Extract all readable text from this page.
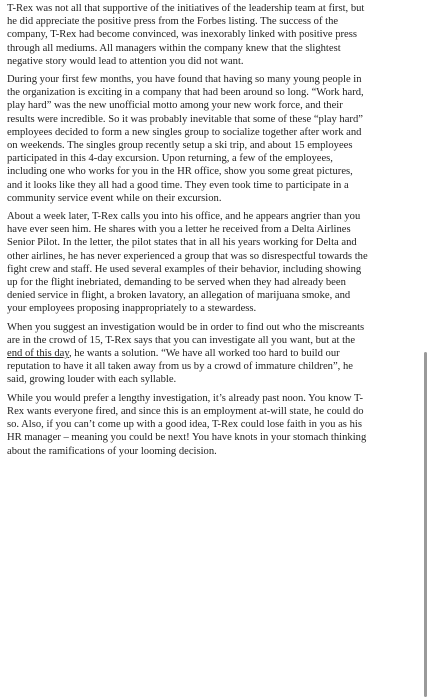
T-Rex was not all that supportive of the initiatives of the leadership team at first, but he did appreciate the positive press from the Forbes listing. The success of the company, T-Rex had become convinced, was inexorably linked with positive press through all mediums. All managers within the company knew that the slightest negative story would lead to attention you did not want.

During your first few months, you have found that having so many young people in the organization is exciting in a company that had been around so long. “Work hard, play hard” was the new unofficial motto among your new work force, and their results were incredible. So it was probably inevitable that some of these “play hard” employees decided to form a new singles group to socialize together after work and on weekends. The singles group recently setup a ski trip, and about 15 employees participated in this 4-day excursion. Upon returning, a few of the employees, including one who works for you in the HR office, show you some great pictures, and it looks like they all had a good time. They even took time to participate in a community service event while on their excursion.

About a week later, T-Rex calls you into his office, and he appears angrier than you have ever seen him. He shares with you a letter he received from a Delta Airlines Senior Pilot. In the letter, the pilot states that in all his years working for Delta and other airlines, he has never experienced a group that was so disrespectful towards the fight crew and staff. He used several examples of their behavior, including showing up for the flight inebriated, demanding to be served when they had already been denied service in flight, a broken lavatory, an allegation of marijuana smoke, and your employees proposing inappropriately to a stewardess.

When you suggest an investigation would be in order to find out who the miscreants are in the crowd of 15, T-Rex says that you can investigate all you want, but at the end of this day, he wants a solution. “We have all worked too hard to build our reputation to have it all taken away from us by a crowd of immature children”, he said, growing louder with each syllable.

While you would prefer a lengthy investigation, it’s already past noon. You know T-Rex wants everyone fired, and since this is an employment at-will state, he could do so. Also, if you can’t come up with a good idea, T-Rex could lose faith in you as his HR manager – meaning you could be next! You have knots in your stomach thinking about the ramifications of your looming decision.
